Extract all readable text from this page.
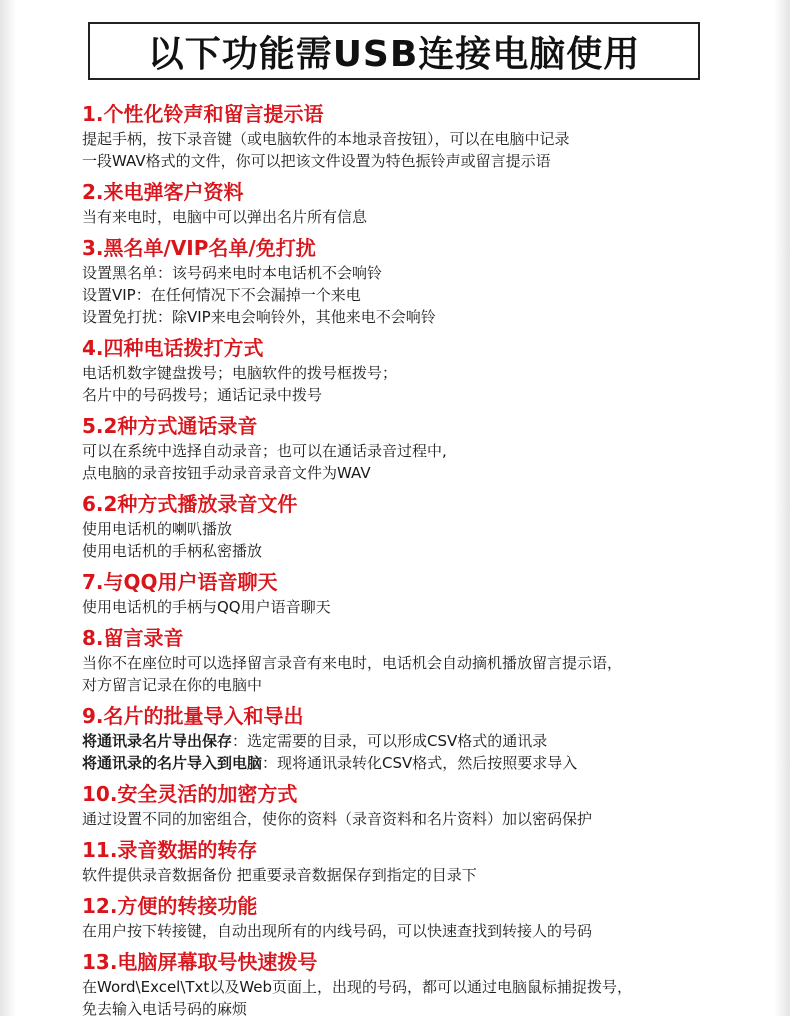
以下功能需USB连接电脑使用
1.个性化铃声和留言提示语
提起手柄，按下录音键（或电脑软件的本地录音按钮），可以在电脑中记录
一段WAV格式的文件，你可以把该文件设置为特色振铃声或留言提示语
2.来电弹客户资料
当有来电时，电脑中可以弹出名片所有信息
3.黑名单/VIP名单/免打扰
设置黑名单：该号码来电时本电话机不会响铃
设置VIP：在任何情况下不会漏掉一个来电
设置免打扰：除VIP来电会响铃外，其他来电不会响铃
4.四种电话拨打方式
电话机数字键盘拨号；电脑软件的拨号框拨号；
名片中的号码拨号；通话记录中拨号
5.2种方式通话录音
可以在系统中选择自动录音；也可以在通话录音过程中,
点电脑的录音按钮手动录音录音文件为WAV
6.2种方式播放录音文件
使用电话机的喇叭播放
使用电话机的手柄私密播放
7.与QQ用户语音聊天
使用电话机的手柄与QQ用户语音聊天
8.留言录音
当你不在座位时可以选择留言录音有来电时，电话机会自动摘机播放留言提示语，
对方留言记录在你的电脑中
9.名片的批量导入和导出
将通讯录名片导出保存：选定需要的目录，可以形成CSV格式的通讯录
将通讯录的名片导入到电脑：现将通讯录转化CSV格式，然后按照要求导入
10.安全灵活的加密方式
通过设置不同的加密组合，使你的资料（录音资料和名片资料）加以密码保护
11.录音数据的转存
软件提供录音数据备份 把重要录音数据保存到指定的目录下
12.方便的转接功能
在用户按下转接键，自动出现所有的内线号码，可以快速查找到转接人的号码
13.电脑屏幕取号快速拨号
在Word\Excel\Txt以及Web页面上，出现的号码，都可以通过电脑鼠标捕捉拨号，
免去输入电话号码的麻烦
